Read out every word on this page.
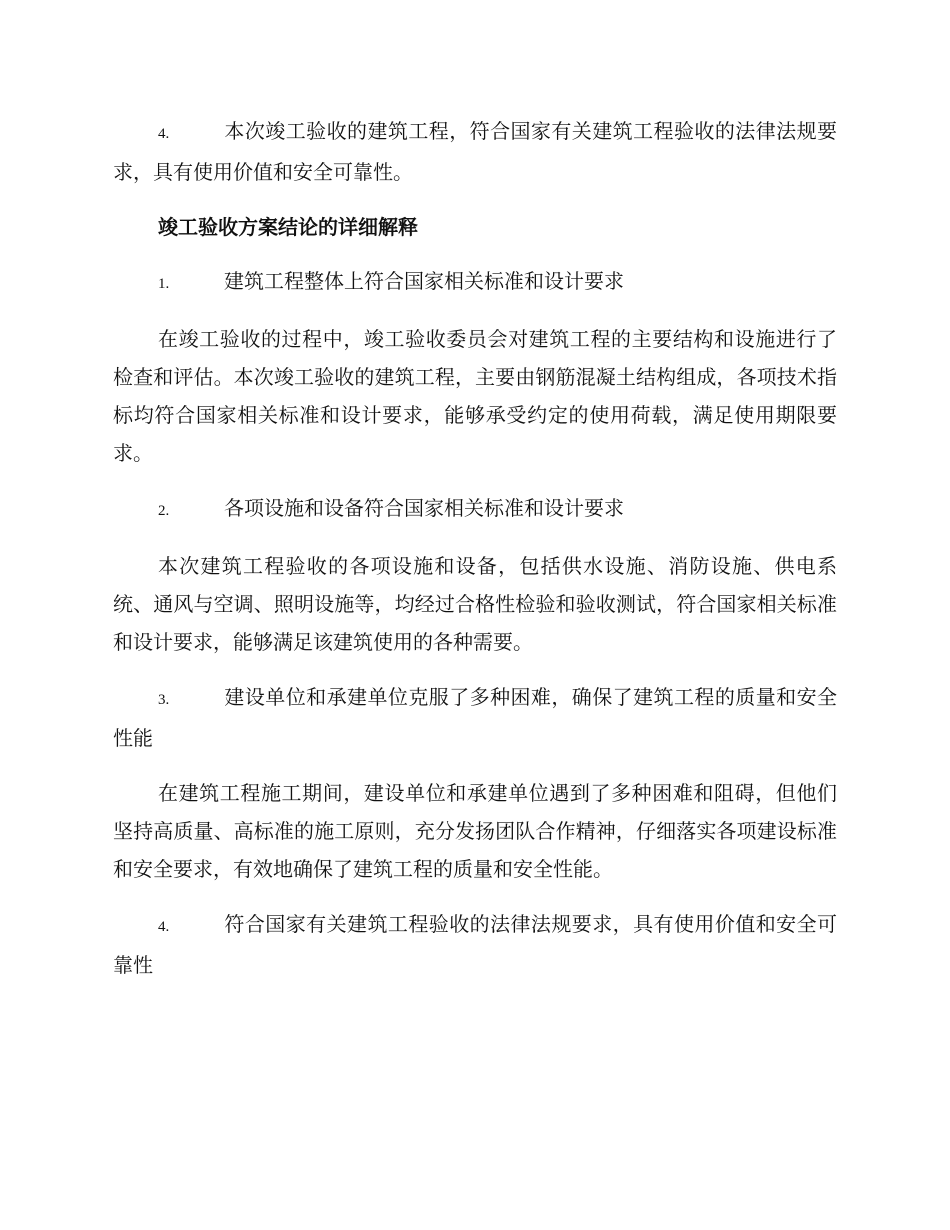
4.	本次竣工验收的建筑工程，符合国家有关建筑工程验收的法律法规要求，具有使用价值和安全可靠性。

竣工验收方案结论的详细解释

1.	建筑工程整体上符合国家相关标准和设计要求

在竣工验收的过程中，竣工验收委员会对建筑工程的主要结构和设施进行了检查和评估。本次竣工验收的建筑工程，主要由钢筋混凝土结构组成，各项技术指标均符合国家相关标准和设计要求，能够承受约定的使用荷载，满足使用期限要求。

2.	各项设施和设备符合国家相关标准和设计要求

本次建筑工程验收的各项设施和设备，包括供水设施、消防设施、供电系统、通风与空调、照明设施等，均经过合格性检验和验收测试，符合国家相关标准和设计要求，能够满足该建筑使用的各种需要。

3.	建设单位和承建单位克服了多种困难，确保了建筑工程的质量和安全性能

在建筑工程施工期间，建设单位和承建单位遇到了多种困难和阻碍，但他们坚持高质量、高标准的施工原则，充分发扬团队合作精神，仔细落实各项建设标准和安全要求，有效地确保了建筑工程的质量和安全性能。

4.	符合国家有关建筑工程验收的法律法规要求，具有使用价值和安全可靠性
